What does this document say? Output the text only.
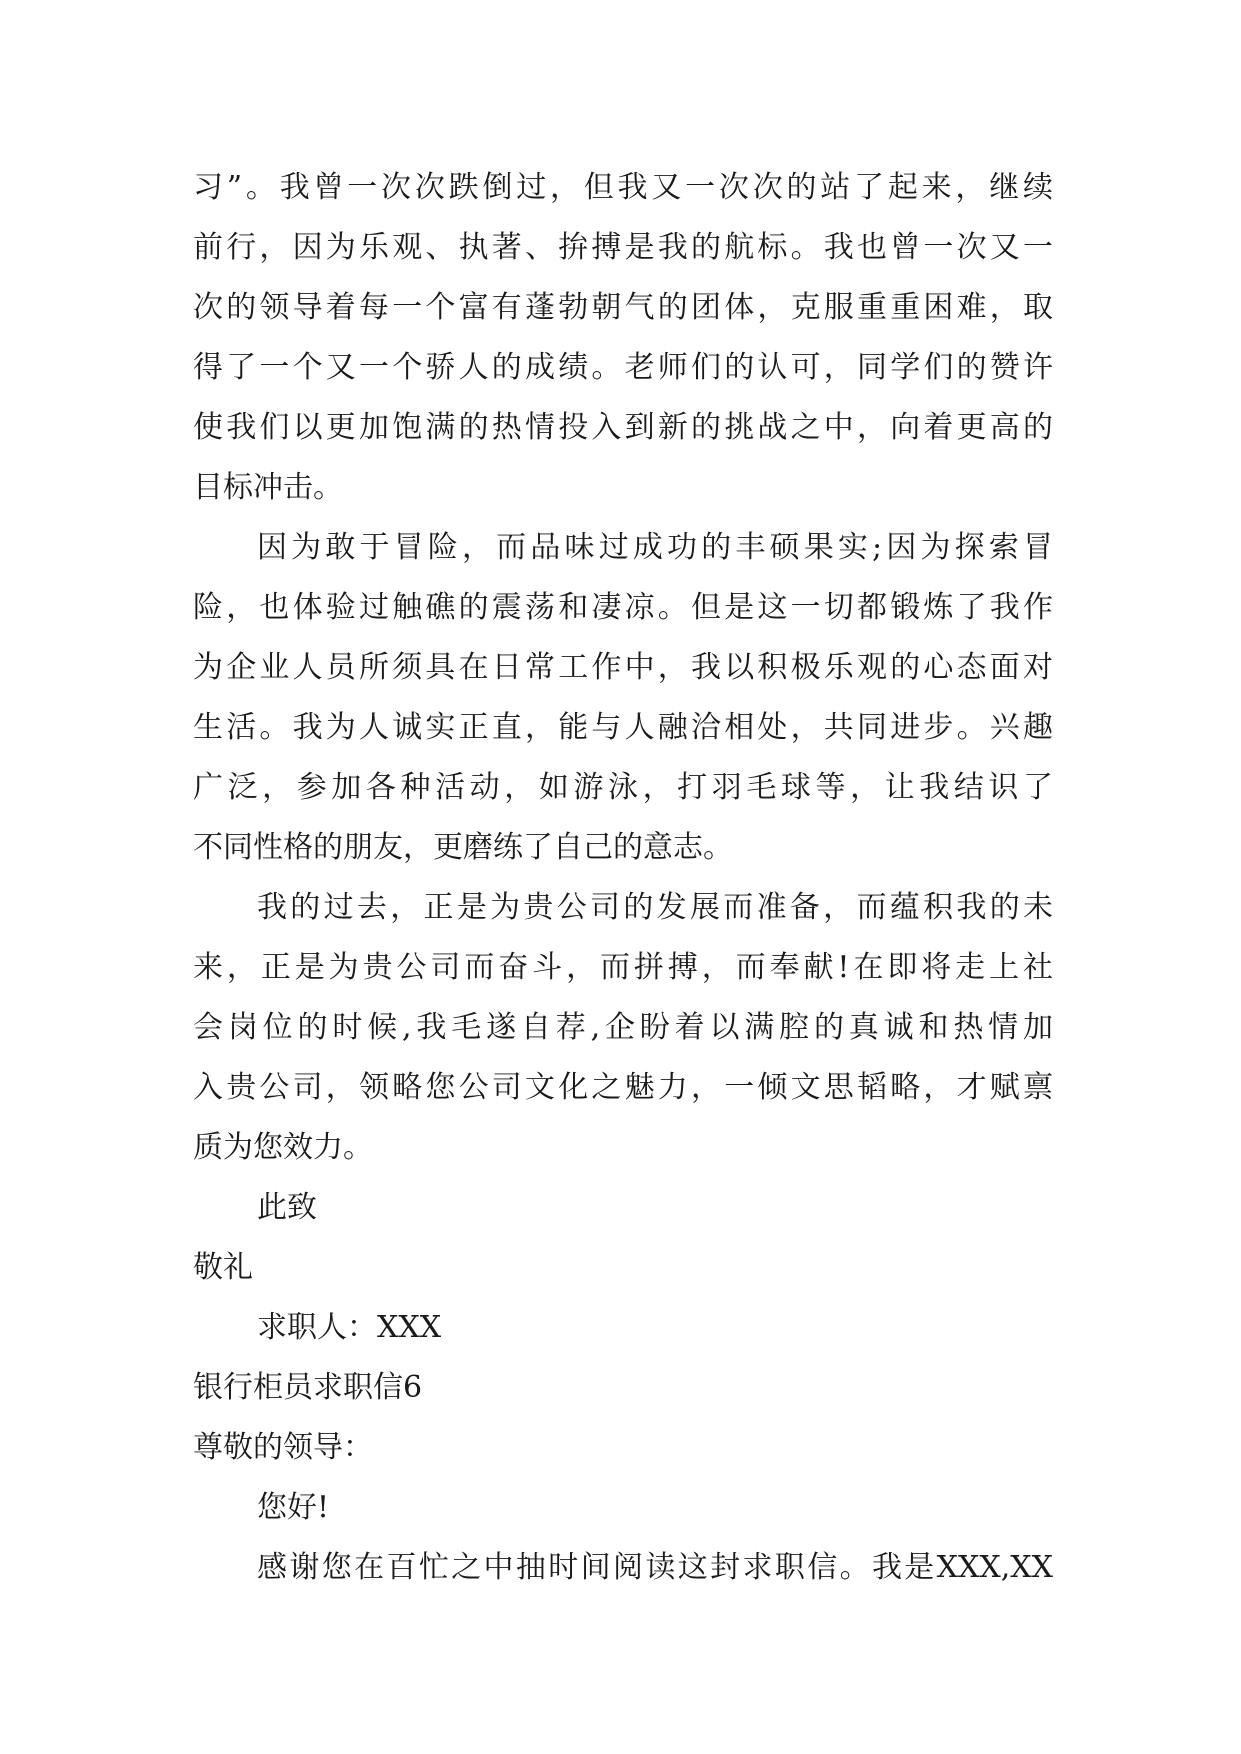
习”。我曾一次次跌倒过，但我又一次次的站了起来，继续
前行，因为乐观、执著、拚搏是我的航标。我也曾一次又一
次的领导着每一个富有蓬勃朝气的团体，克服重重困难，取
得了一个又一个骄人的成绩。老师们的认可，同学们的赞许
使我们以更加饱满的热情投入到新的挑战之中，向着更高的
目标冲击。
因为敢于冒险，而品味过成功的丰硕果实;因为探索冒
险，也体验过触礁的震荡和凄凉。但是这一切都锻炼了我作
为企业人员所须具在日常工作中，我以积极乐观的心态面对
生活。我为人诚实正直，能与人融洽相处，共同进步。兴趣
广泛，参加各种活动，如游泳，打羽毛球等，让我结识了
不同性格的朋友，更磨练了自己的意志。
我的过去，正是为贵公司的发展而准备，而蕴积我的未
来，正是为贵公司而奋斗，而拼搏，而奉献!在即将走上社
会岗位的时候,我毛遂自荐,企盼着以满腔的真诚和热情加
入贵公司，领略您公司文化之魅力，一倾文思韬略，才赋禀
质为您效力。
此致
敬礼
求职人：XXX
银行柜员求职信6
尊敬的领导：
您好!
感谢您在百忙之中抽时间阅读这封求职信。我是XXX,XX
